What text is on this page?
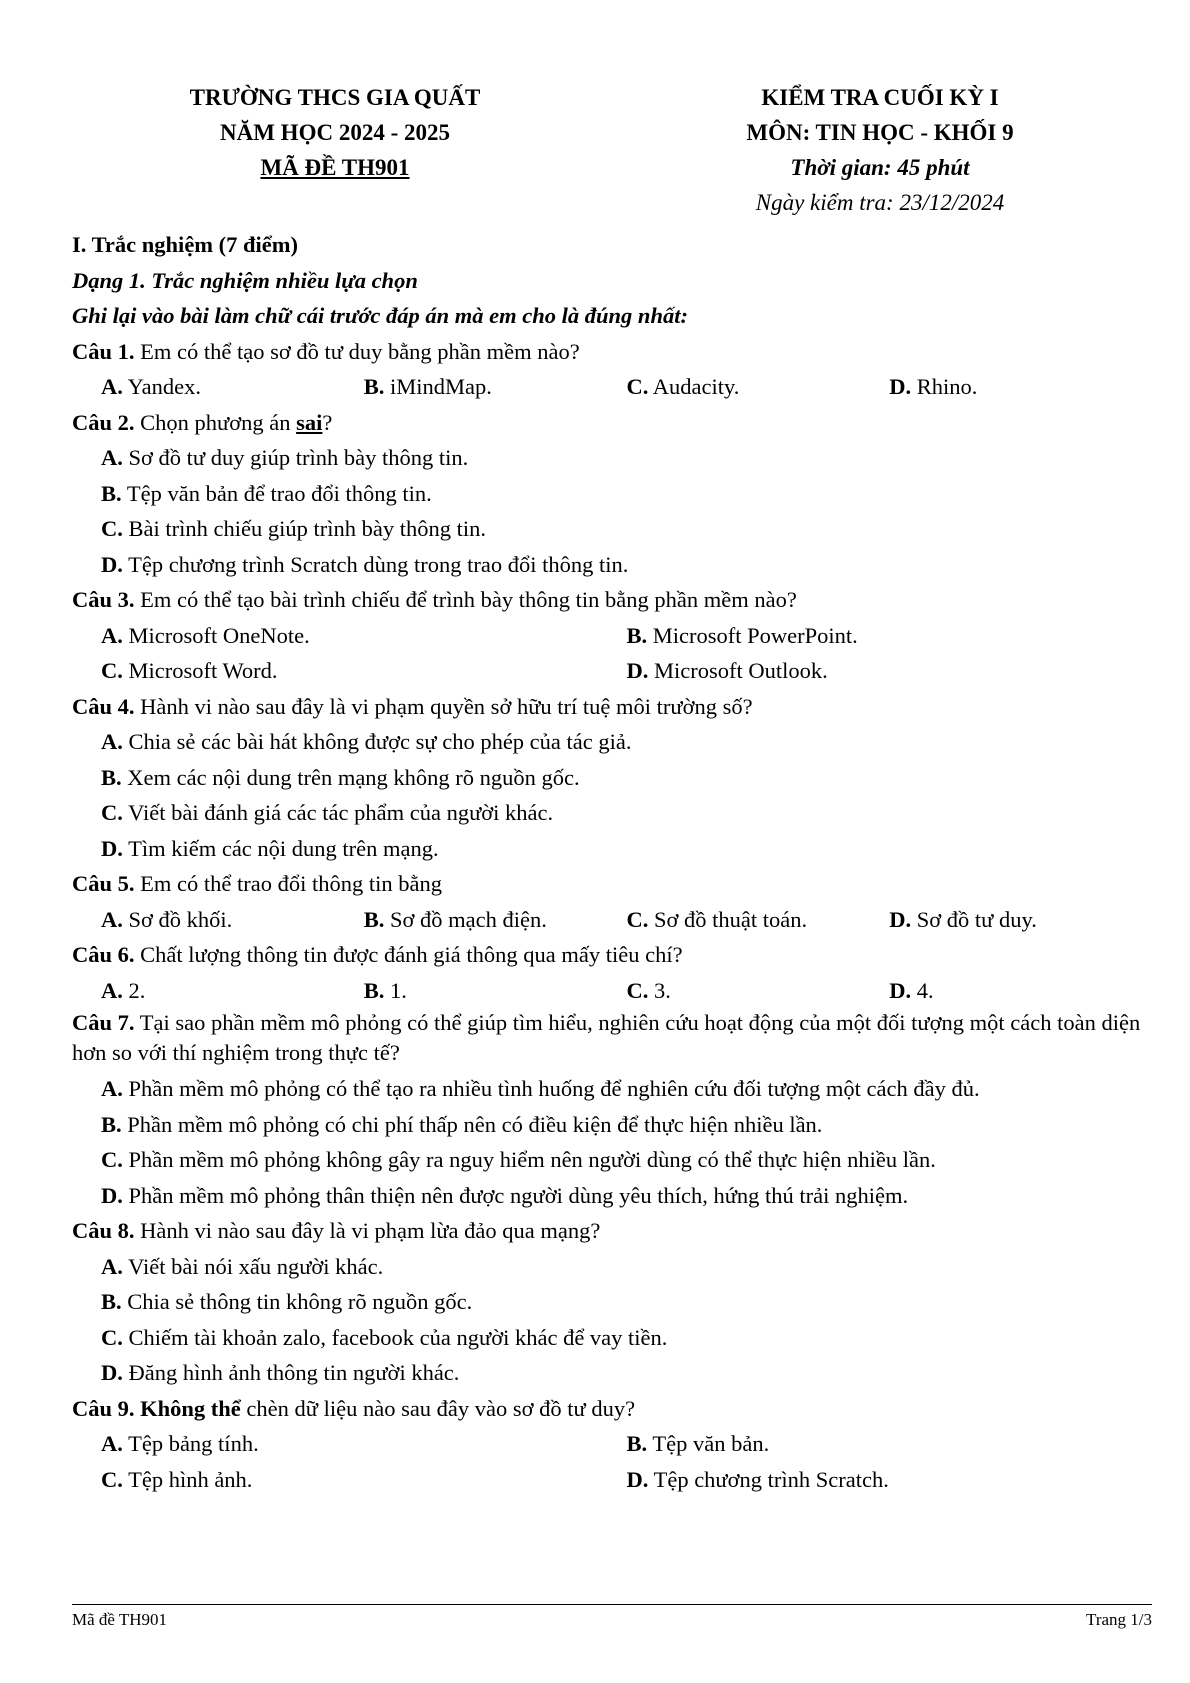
TRƯỜNG THCS GIA QUẤT
NĂM HỌC 2024 - 2025
MÃ ĐỀ TH901
KIỂM TRA CUỐI KỲ I
MÔN: TIN HỌC - KHỐI 9
Thời gian: 45 phút
Ngày kiểm tra: 23/12/2024
I. Trắc nghiệm (7 điểm)
Dạng 1. Trắc nghiệm nhiều lựa chọn
Ghi lại vào bài làm chữ cái trước đáp án mà em cho là đúng nhất:
Câu 1. Em có thể tạo sơ đồ tư duy bằng phần mềm nào?
A. Yandex.	B. iMindMap.	C. Audacity.	D. Rhino.
Câu 2. Chọn phương án sai?
A. Sơ đồ tư duy giúp trình bày thông tin.
B. Tệp văn bản để trao đổi thông tin.
C. Bài trình chiếu giúp trình bày thông tin.
D. Tệp chương trình Scratch dùng trong trao đổi thông tin.
Câu 3. Em có thể tạo bài trình chiếu để trình bày thông tin bằng phần mềm nào?
A. Microsoft OneNote.	B. Microsoft PowerPoint.
C. Microsoft Word.	D. Microsoft Outlook.
Câu 4. Hành vi nào sau đây là vi phạm quyền sở hữu trí tuệ môi trường số?
A. Chia sẻ các bài hát không được sự cho phép của tác giả.
B. Xem các nội dung trên mạng không rõ nguồn gốc.
C. Viết bài đánh giá các tác phẩm của người khác.
D. Tìm kiếm các nội dung trên mạng.
Câu 5. Em có thể trao đổi thông tin bằng
A. Sơ đồ khối.	B. Sơ đồ mạch điện.	C. Sơ đồ thuật toán.	D. Sơ đồ tư duy.
Câu 6. Chất lượng thông tin được đánh giá thông qua mấy tiêu chí?
A. 2.	B. 1.	C. 3.	D. 4.
Câu 7. Tại sao phần mềm mô phỏng có thể giúp tìm hiểu, nghiên cứu hoạt động của một đối tượng một cách toàn diện hơn so với thí nghiệm trong thực tế?
A. Phần mềm mô phỏng có thể tạo ra nhiều tình huống để nghiên cứu đối tượng một cách đầy đủ.
B. Phần mềm mô phỏng có chi phí thấp nên có điều kiện để thực hiện nhiều lần.
C. Phần mềm mô phỏng không gây ra nguy hiểm nên người dùng có thể thực hiện nhiều lần.
D. Phần mềm mô phỏng thân thiện nên được người dùng yêu thích, hứng thú trải nghiệm.
Câu 8. Hành vi nào sau đây là vi phạm lừa đảo qua mạng?
A. Viết bài nói xấu người khác.
B. Chia sẻ thông tin không rõ nguồn gốc.
C. Chiếm tài khoản zalo, facebook của người khác để vay tiền.
D. Đăng hình ảnh thông tin người khác.
Câu 9. Không thể chèn dữ liệu nào sau đây vào sơ đồ tư duy?
A. Tệp bảng tính.	B. Tệp văn bản.
C. Tệp hình ảnh.	D. Tệp chương trình Scratch.
Mã đề TH901	Trang 1/3
